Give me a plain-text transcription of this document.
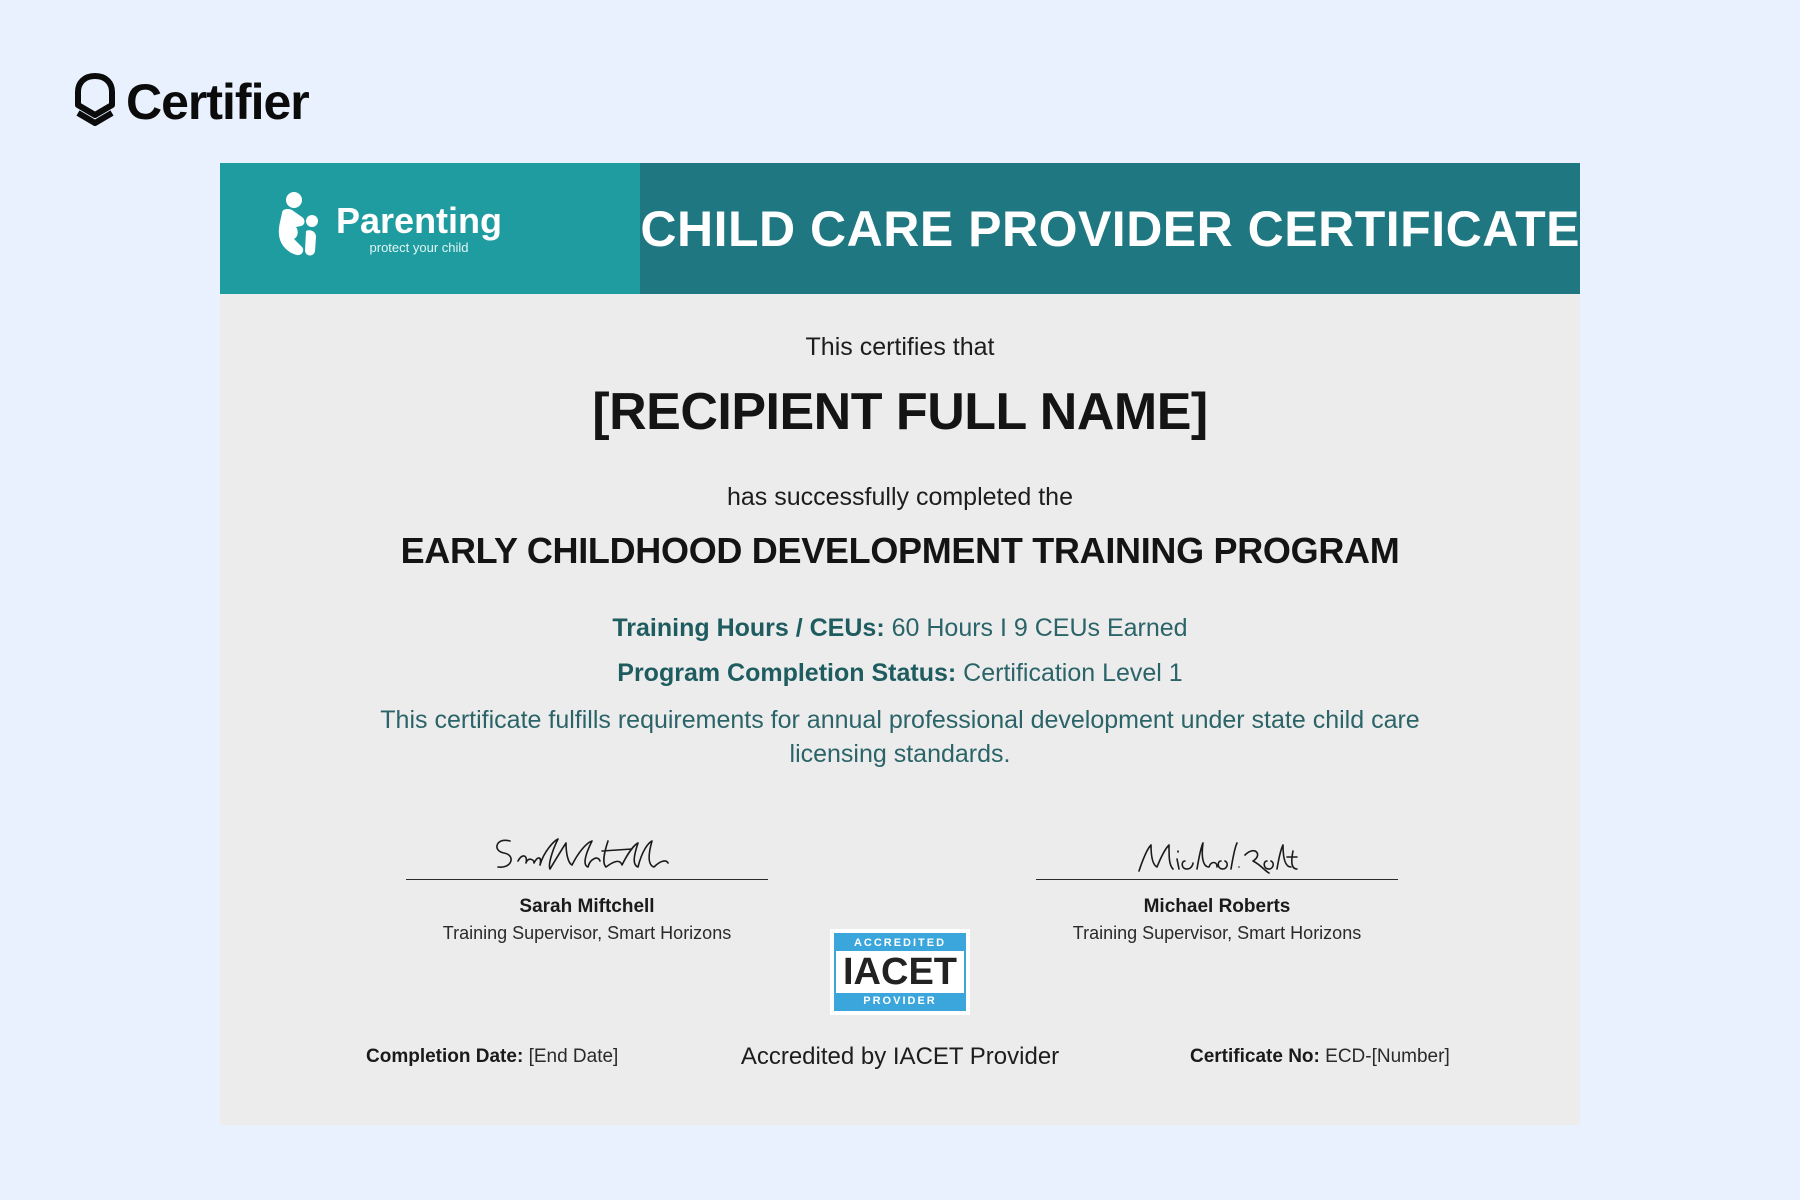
Certifier
Parenting
protect your child	CHILD CARE PROVIDER CERTIFICATE
This certifies that
[RECIPIENT FULL NAME]
has successfully completed the
EARLY CHILDHOOD DEVELOPMENT TRAINING PROGRAM
Training Hours / CEUs: 60 Hours I 9 CEUs Earned
Program Completion Status: Certification Level 1
This certificate fulfills requirements for annual professional development under state child care licensing standards.
Sarah Miftchell
Training Supervisor, Smart Horizons
Michael Roberts
Training Supervisor, Smart Horizons
ACCREDITED
IACET
PROVIDER
Completion Date: [End Date]	Accredited by IACET Provider	Certificate No: ECD-[Number]
